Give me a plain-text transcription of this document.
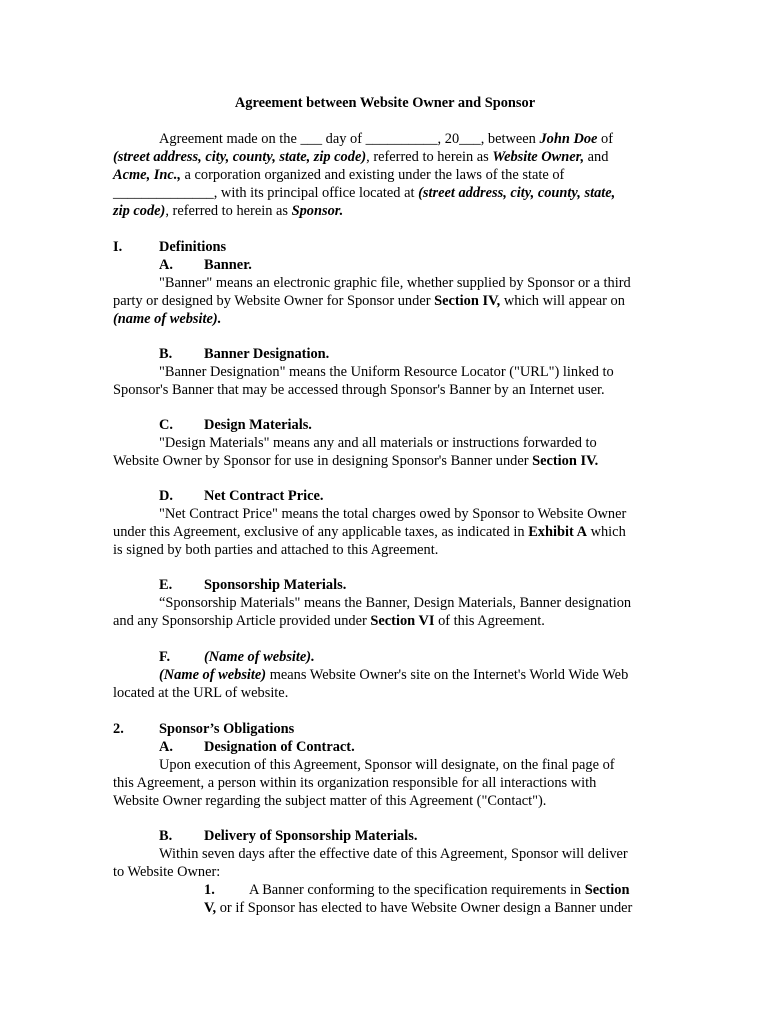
Agreement between Website Owner and Sponsor
Agreement made on the ___ day of __________, 20___, between John Doe of
(street address, city, county, state, zip code), referred to herein as Website Owner, and
Acme, Inc., a corporation organized and existing under the laws of the state of
______________, with its principal office located at (street address, city, county, state,
zip code), referred to herein as Sponsor.
I.	Definitions
A. Banner.
"Banner" means an electronic graphic file, whether supplied by Sponsor or a third
party or designed by Website Owner for Sponsor under Section IV, which will appear on
(name of website).
B. Banner Designation.
"Banner Designation" means the Uniform Resource Locator ("URL") linked to
Sponsor's Banner that may be accessed through Sponsor's Banner by an Internet user.
C. Design Materials.
"Design Materials" means any and all materials or instructions forwarded to
Website Owner by Sponsor for use in designing Sponsor's Banner under Section IV.
D. Net Contract Price.
"Net Contract Price" means the total charges owed by Sponsor to Website Owner
under this Agreement, exclusive of any applicable taxes, as indicated in Exhibit A which
is signed by both parties and attached to this Agreement.
E. Sponsorship Materials.
“Sponsorship Materials" means the Banner, Design Materials, Banner designation
and any Sponsorship Article provided under Section VI of this Agreement.
F. (Name of website).
(Name of website) means Website Owner's site on the Internet's World Wide Web
located at the URL of website.
2. Sponsor’s Obligations
A. Designation of Contract.
Upon execution of this Agreement, Sponsor will designate, on the final page of
this Agreement, a person within its organization responsible for all interactions with
Website Owner regarding the subject matter of this Agreement ("Contact").
B. Delivery of Sponsorship Materials.
Within seven days after the effective date of this Agreement, Sponsor will deliver
to Website Owner:
1. A Banner conforming to the specification requirements in Section
V, or if Sponsor has elected to have Website Owner design a Banner under
